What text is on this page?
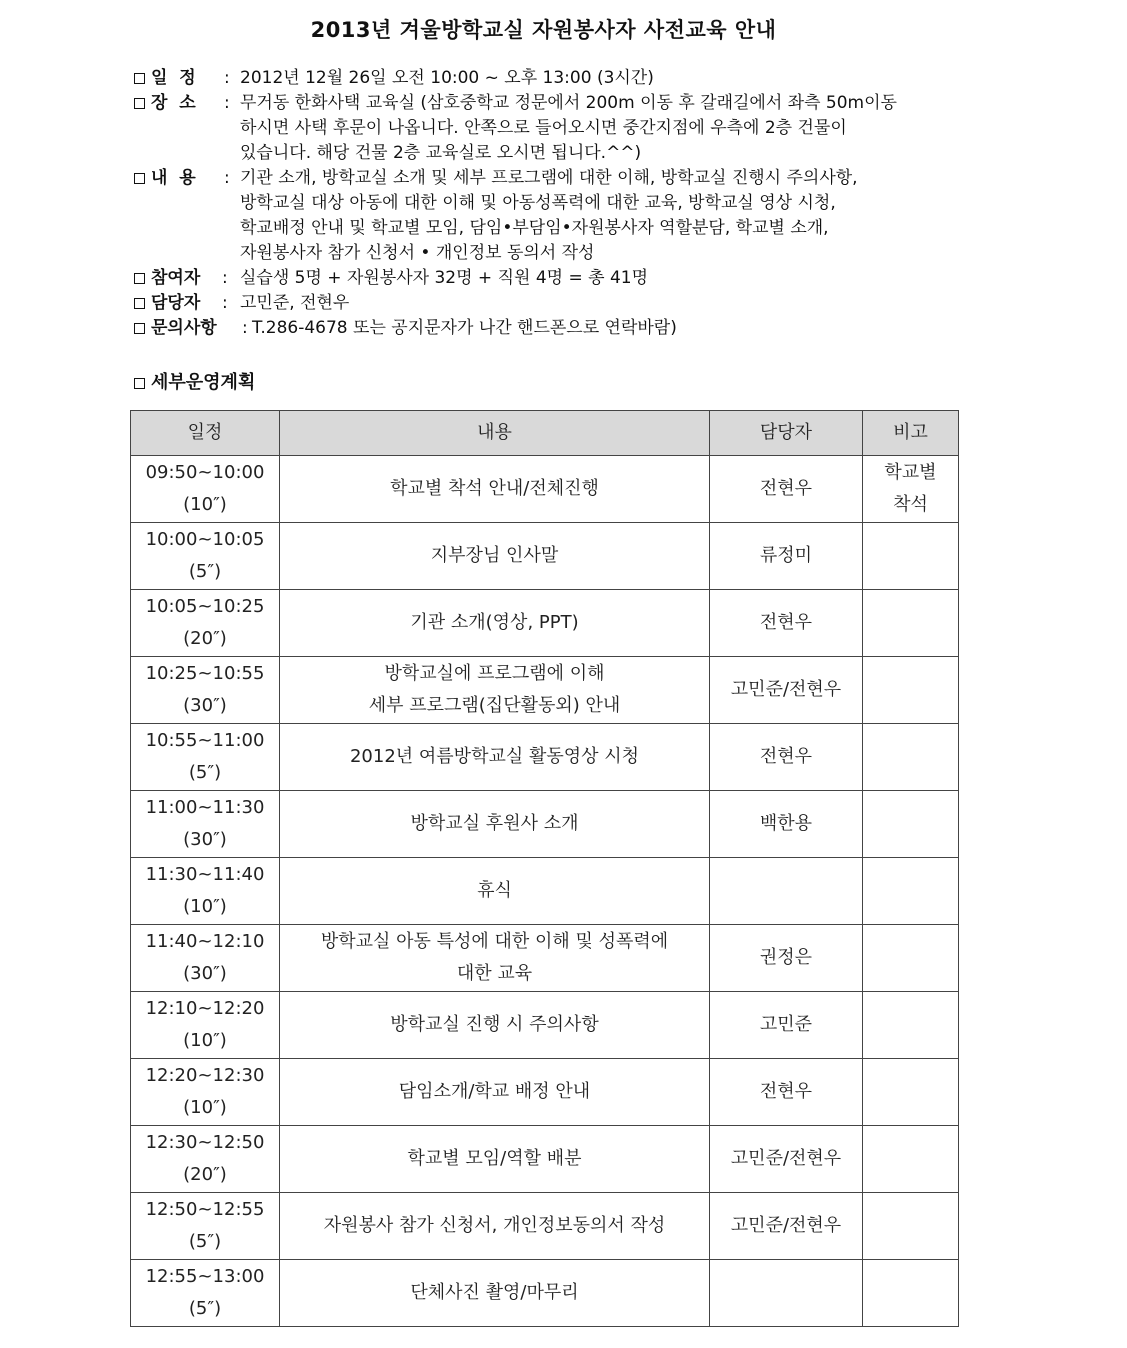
2013년 겨울방학교실 자원봉사자 사전교육 안내
일  정 : 2012년 12월 26일 오전 10:00 ~ 오후 13:00 (3시간)
장  소 : 무거동 한화사택 교육실 (삼호중학교 정문에서 200m 이동 후 갈래길에서 좌측 50m이동
하시면 사택 후문이 나옵니다. 안쪽으로 들어오시면 중간지점에 우측에 2층 건물이
있습니다. 해당 건물 2층 교육실로 오시면 됩니다.^^)
내  용 : 기관 소개, 방학교실 소개 및 세부 프로그램에 대한 이해, 방학교실 진행시 주의사항,
방학교실 대상 아동에 대한 이해 및 아동성폭력에 대한 교육, 방학교실 영상 시청,
학교배정 안내 및 학교별 모임, 담임•부담임•자원봉사자 역할분담, 학교별 소개,
자원봉사자 참가 신청서 • 개인정보 동의서 작성
참여자 : 실습생 5명 + 자원봉사자 32명 + 직원 4명 = 총 41명
담당자 : 고민준, 전현우
문의사항 : T.286-4678 또는 공지문자가 나간 핸드폰으로 연락바람)
세부운영계획
일정	내용	담당자	비고

09:50~10:00
(10″)	학교별 착석 안내/전체진행	전현우	학교별
착석

10:00~10:05
(5″)	지부장님 인사말	류정미	

10:05~10:25
(20″)	기관 소개(영상, PPT)	전현우	

10:25~10:55
(30″)	방학교실에 프로그램에 이해
세부 프로그램(집단활동외) 안내	고민준/전현우	

10:55~11:00
(5″)	2012년 여름방학교실 활동영상 시청	전현우	

11:00~11:30
(30″)	방학교실 후원사 소개	백한용	

11:30~11:40
(10″)	휴식		

11:40~12:10
(30″)	방학교실 아동 특성에 대한 이해 및 성폭력에
대한 교육	권정은	

12:10~12:20
(10″)	방학교실 진행 시 주의사항	고민준	

12:20~12:30
(10″)	담임소개/학교 배정 안내	전현우	

12:30~12:50
(20″)	학교별 모임/역할 배분	고민준/전현우	

12:50~12:55
(5″)	자원봉사 참가 신청서, 개인정보동의서 작성	고민준/전현우	

12:55~13:00
(5″)	단체사진 촬영/마무리		
